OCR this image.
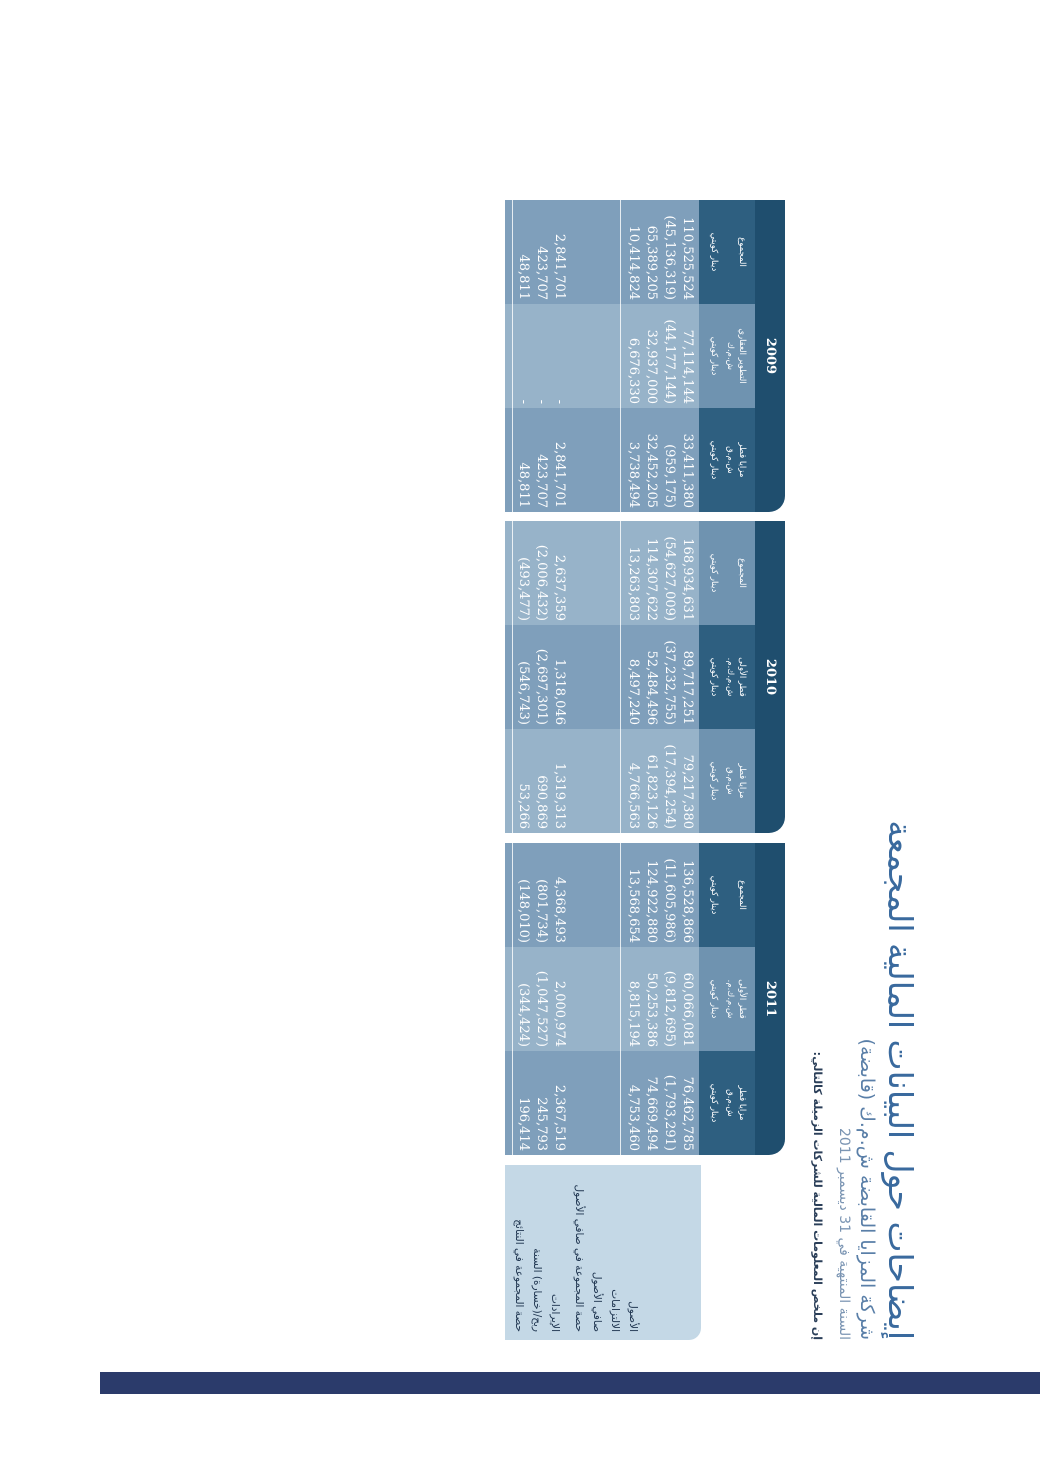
إيضاحات حول البيانات المالية المجمعة
شركة المزايا القابضة ش.م.ك (قابضة)
السنة المنتهية في 31 ديسمبر 2011
إن ملخص المعلومات المالية للشركات الزميلة كالتالي:
الأصول
الالتزامات
صافي الأصول
حصة المجموعة في صافي الأصول
الإيرادات
ربح/(خسارة) السنة
حصة المجموعة في النتائج
2011
مزايا قطر
ش.م.ق
دينار كويتي
76,462,785
(1,793,291)
74,669,494
4,753,460
2,367,519
245,793
196,414
قطر الأولى
ش.م.ك.م.
دينار كويتي
60,066,081
(9,812,695)
50,253,386
8,815,194
2,000,974
(1,047,527)
(344,424)
المجموع
دينار كويتي
136,528,866
(11,605,986)
124,922,880
13,568,654
4,368,493
(801,734)
(148,010)
2010
مزايا قطر
ش.م.ق
دينار كويتي
79,217,380
(17,394,254)
61,823,126
4,766,563
1,319,313
690,869
53,266
قطر الأولى
ش.م.ك.م.
دينار كويتي
89,717,251
(37,232,755)
52,484,496
8,497,240
1,318,046
(2,697,301)
(546,743)
المجموع
دينار كويتي
168,934,631
(54,627,009)
114,307,622
13,263,803
2,637,359
(2,006,432)
(493,477)
2009
مزايا قطر
ش.م.ق
دينار كويتي
33,411,380
(959,175)
32,452,205
3,738,494
2,841,701
423,707
48,811
التطوير العقاري
ش.م.ك
دينار كويتي
77,114,144
(44,177,144)
32,937,000
6,676,330
-
-
-
المجموع
دينار كويتي
110,525,524
(45,136,319)
65,389,205
10,414,824
2,841,701
423,707
48,811
